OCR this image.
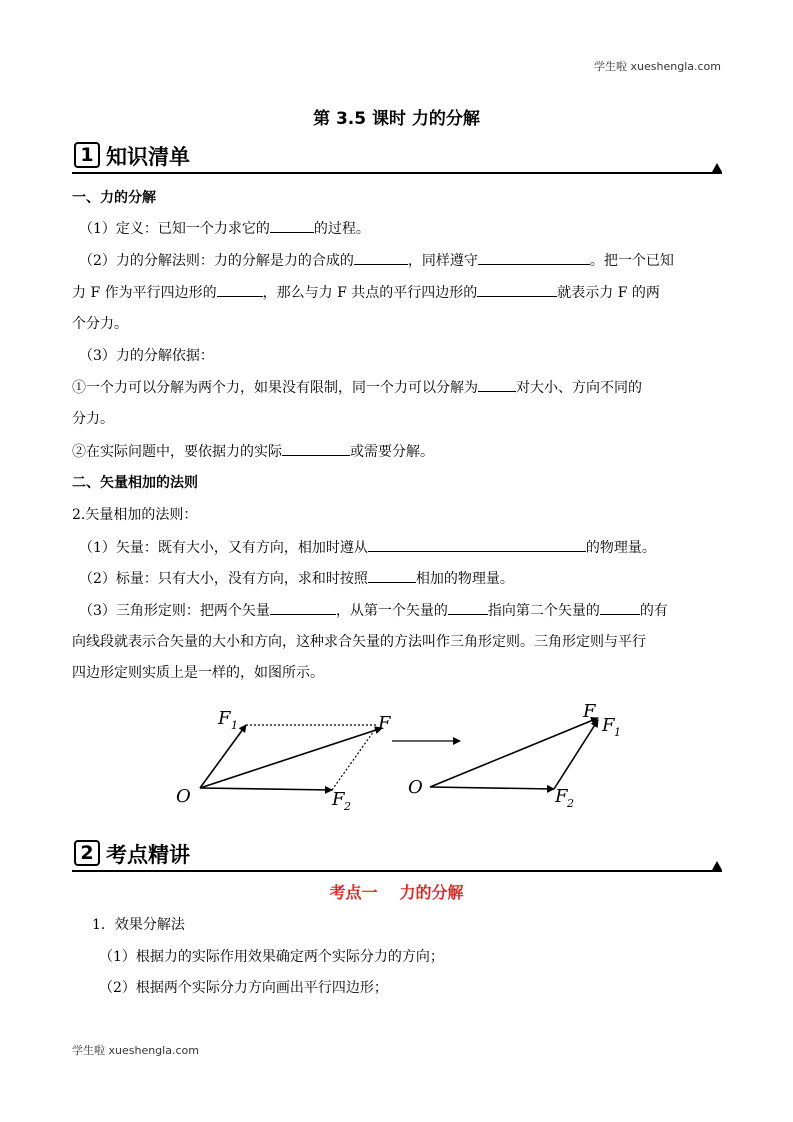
学生啦 xueshengla.com
第 3.5 课时 力的分解
1 知识清单
一、力的分解
（1）定义：已知一个力求它的	的过程。
（2）力的分解法则：力的分解是力的合成的	，同样遵守	。把一个已知
力 F 作为平行四边形的	，那么与力 F 共点的平行四边形的	就表示力 F 的两
个分力。
（3）力的分解依据：
①一个力可以分解为两个力，如果没有限制，同一个力可以分解为	对大小、方向不同的
分力。
②在实际问题中，要依据力的实际	或需要分解。
二、矢量相加的法则
2.矢量相加的法则：
（1）矢量：既有大小，又有方向，相加时遵从	的物理量。
（2）标量：只有大小，没有方向，求和时按照	相加的物理量。
（3）三角形定则：把两个矢量	，从第一个矢量的	指向第二个矢量的	的有
向线段就表示合矢量的大小和方向，这种求合矢量的方法叫作三角形定则。三角形定则与平行
四边形定则实质上是一样的，如图所示。
O
F 1	F
F 2
O
F
F 1
F 2
2 考点精讲
考点一 力的分解
1．效果分解法
（1）根据力的实际作用效果确定两个实际分力的方向；
（2）根据两个实际分力方向画出平行四边形；
学生啦 xueshengla.com
